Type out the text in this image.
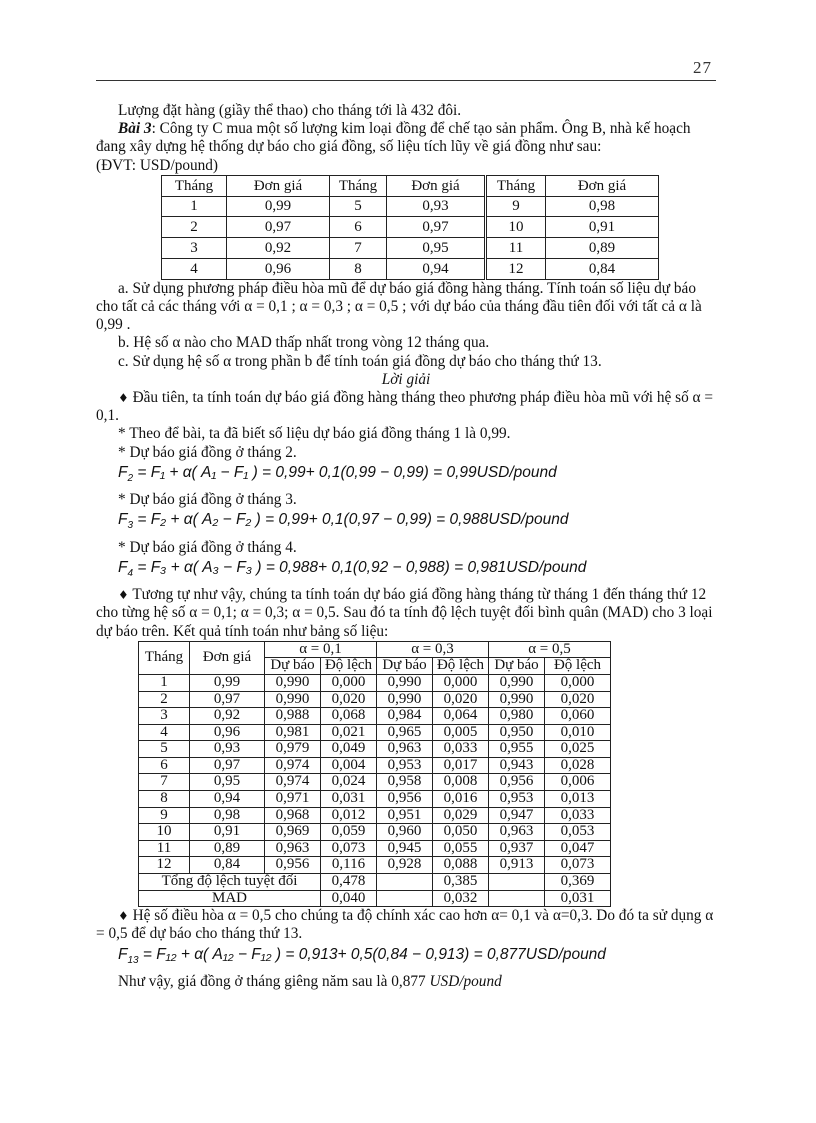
27

Lượng đặt hàng (giầy thể thao) cho tháng tới là 432 đôi.

Bài 3: Công ty C mua một số lượng kim loại đồng để chế tạo sản phẩm. Ông B, nhà kế hoạch đang xây dựng hệ thống dự báo cho giá đồng, số liệu tích lũy về giá đồng như sau:

(ĐVT: USD/pound)

Tháng	Đơn giá	Tháng	Đơn giá	Tháng	Đơn giá
1	0,99	5	0,93	9	0,98
2	0,97	6	0,97	10	0,91
3	0,92	7	0,95	11	0,89
4	0,96	8	0,94	12	0,84

a. Sử dụng phương pháp điều hòa mũ để dự báo giá đồng hàng tháng. Tính toán số liệu dự báo cho tất cả các tháng với α = 0,1 ; α = 0,3 ; α = 0,5 ; với dự báo của tháng đầu tiên đối với tất cả α là 0,99 .

b. Hệ số α nào cho MAD thấp nhất trong vòng 12 tháng qua.

c. Sử dụng hệ số α trong phần b để tính toán giá đồng dự báo cho tháng thứ 13.

Lời giải

♦ Đầu tiên, ta tính toán dự báo giá đồng hàng tháng theo phương pháp điều hòa mũ với hệ số α = 0,1.

* Theo để bài, ta đã biết số liệu dự báo giá đồng tháng 1 là 0,99.

* Dự báo giá đồng ở tháng 2.

$F_2 = F_1 + \alpha$( A₁ − F₁ ) = 0,99+ 0,1(0,99 − 0,99) = 0,99USD/pound

* Dự báo giá đồng ở tháng 3.

$F_3 = F_2 + \alpha$( A₂ − F₂ ) = 0,99+ 0,1(0,97 − 0,99) = 0,988USD/pound

* Dự báo giá đồng ở tháng 4.

$F_4 = F_3 + \alpha$( A₃ − F₃ ) = 0,988+ 0,1(0,92 − 0,988) = 0,981USD/pound

♦ Tương tự như vậy, chúng ta tính toán dự báo giá đồng hàng tháng từ tháng 1 đến tháng thứ 12 cho từng hệ số α = 0,1; α = 0,3; α = 0,5. Sau đó ta tính độ lệch tuyệt đối bình quân (MAD) cho 3 loại dự báo trên. Kết quả tính toán như bảng số liệu:

Tháng	Đơn giá	α = 0,1		α = 0,3		α = 0,5	
		Dự báo	Độ lệch	Dự báo	Độ lệch	Dự báo	Độ lệch
1	0,99	0,990	0,000	0,990	0,000	0,990	0,000
2	0,97	0,990	0,020	0,990	0,020	0,990	0,020
3	0,92	0,988	0,068	0,984	0,064	0,980	0,060
4	0,96	0,981	0,021	0,965	0,005	0,950	0,010
5	0,93	0,979	0,049	0,963	0,033	0,955	0,025
6	0,97	0,974	0,004	0,953	0,017	0,943	0,028
7	0,95	0,974	0,024	0,958	0,008	0,956	0,006
8	0,94	0,971	0,031	0,956	0,016	0,953	0,013
9	0,98	0,968	0,012	0,951	0,029	0,947	0,033
10	0,91	0,969	0,059	0,960	0,050	0,963	0,053
11	0,89	0,963	0,073	0,945	0,055	0,937	0,047
12	0,84	0,956	0,116	0,928	0,088	0,913	0,073
Tổng độ lệch tuyệt đối			0,478		0,385		0,369
MAD			0,040		0,032		0,031

♦ Hệ số điều hòa α = 0,5 cho chúng ta độ chính xác cao hơn α= 0,1 và α=0,3. Do đó ta sử dụng α = 0,5 để dự báo cho tháng thứ 13.

$F_{13} = F_{12} + \alpha$( A₁₂ − F₁₂ ) = 0,913+ 0,5(0,84 − 0,913) = 0,877USD/pound

Như vậy, giá đồng ở tháng giêng năm sau là 0,877 USD/pound
